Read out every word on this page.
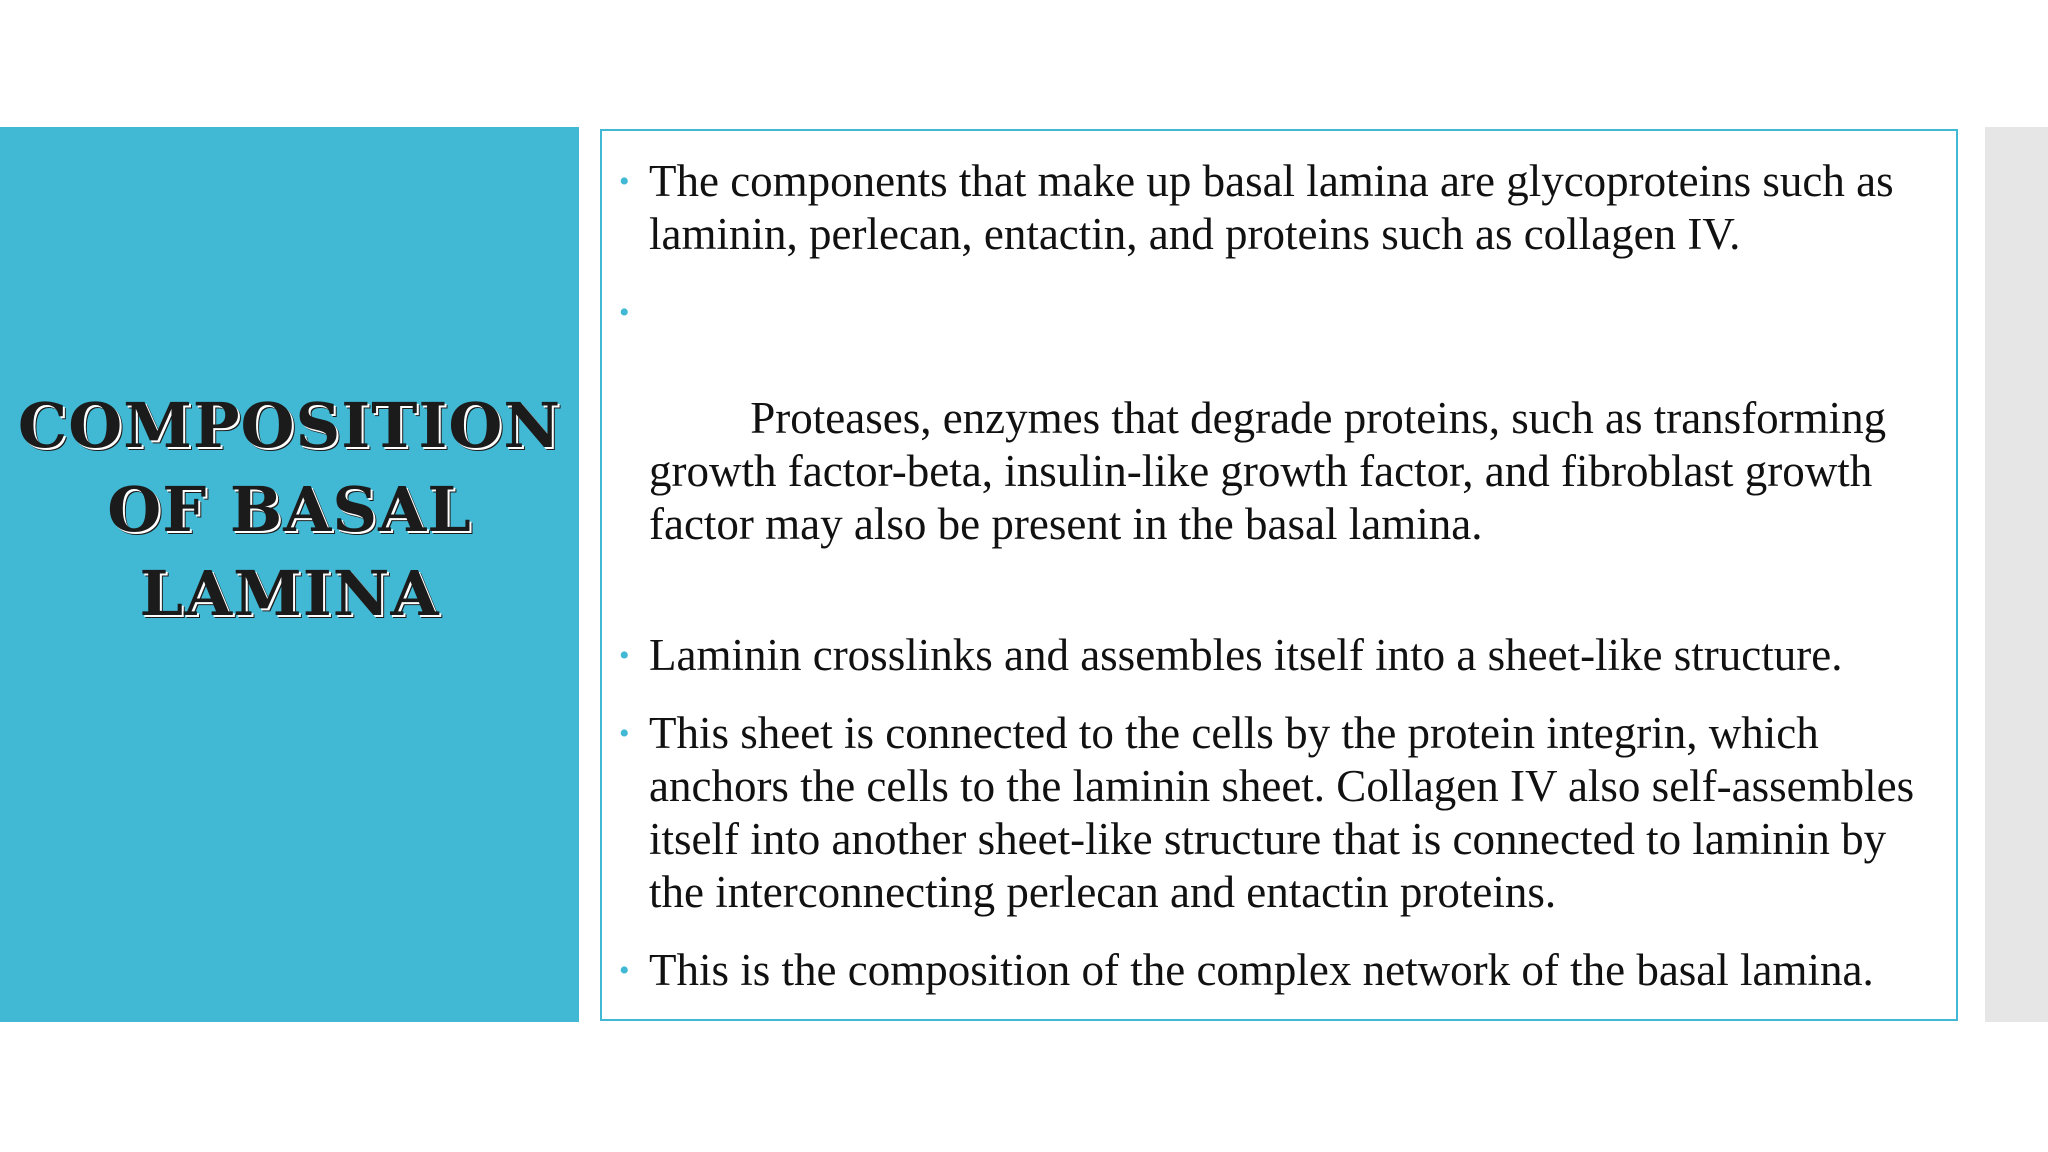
COMPOSITION
OF BASAL
LAMINA
• The components that make up basal lamina are glycoproteins such as laminin, perlecan, entactin, and proteins such as collagen IV.

•

Proteases, enzymes that degrade proteins, such as transforming growth factor-beta, insulin-like growth factor, and fibroblast growth factor may also be present in the basal lamina.

• Laminin crosslinks and assembles itself into a sheet-like structure.
• This sheet is connected to the cells by the protein integrin, which anchors the cells to the laminin sheet. Collagen IV also self-assembles itself into another sheet-like structure that is connected to laminin by the interconnecting perlecan and entactin proteins.
• This is the composition of the complex network of the basal lamina.
